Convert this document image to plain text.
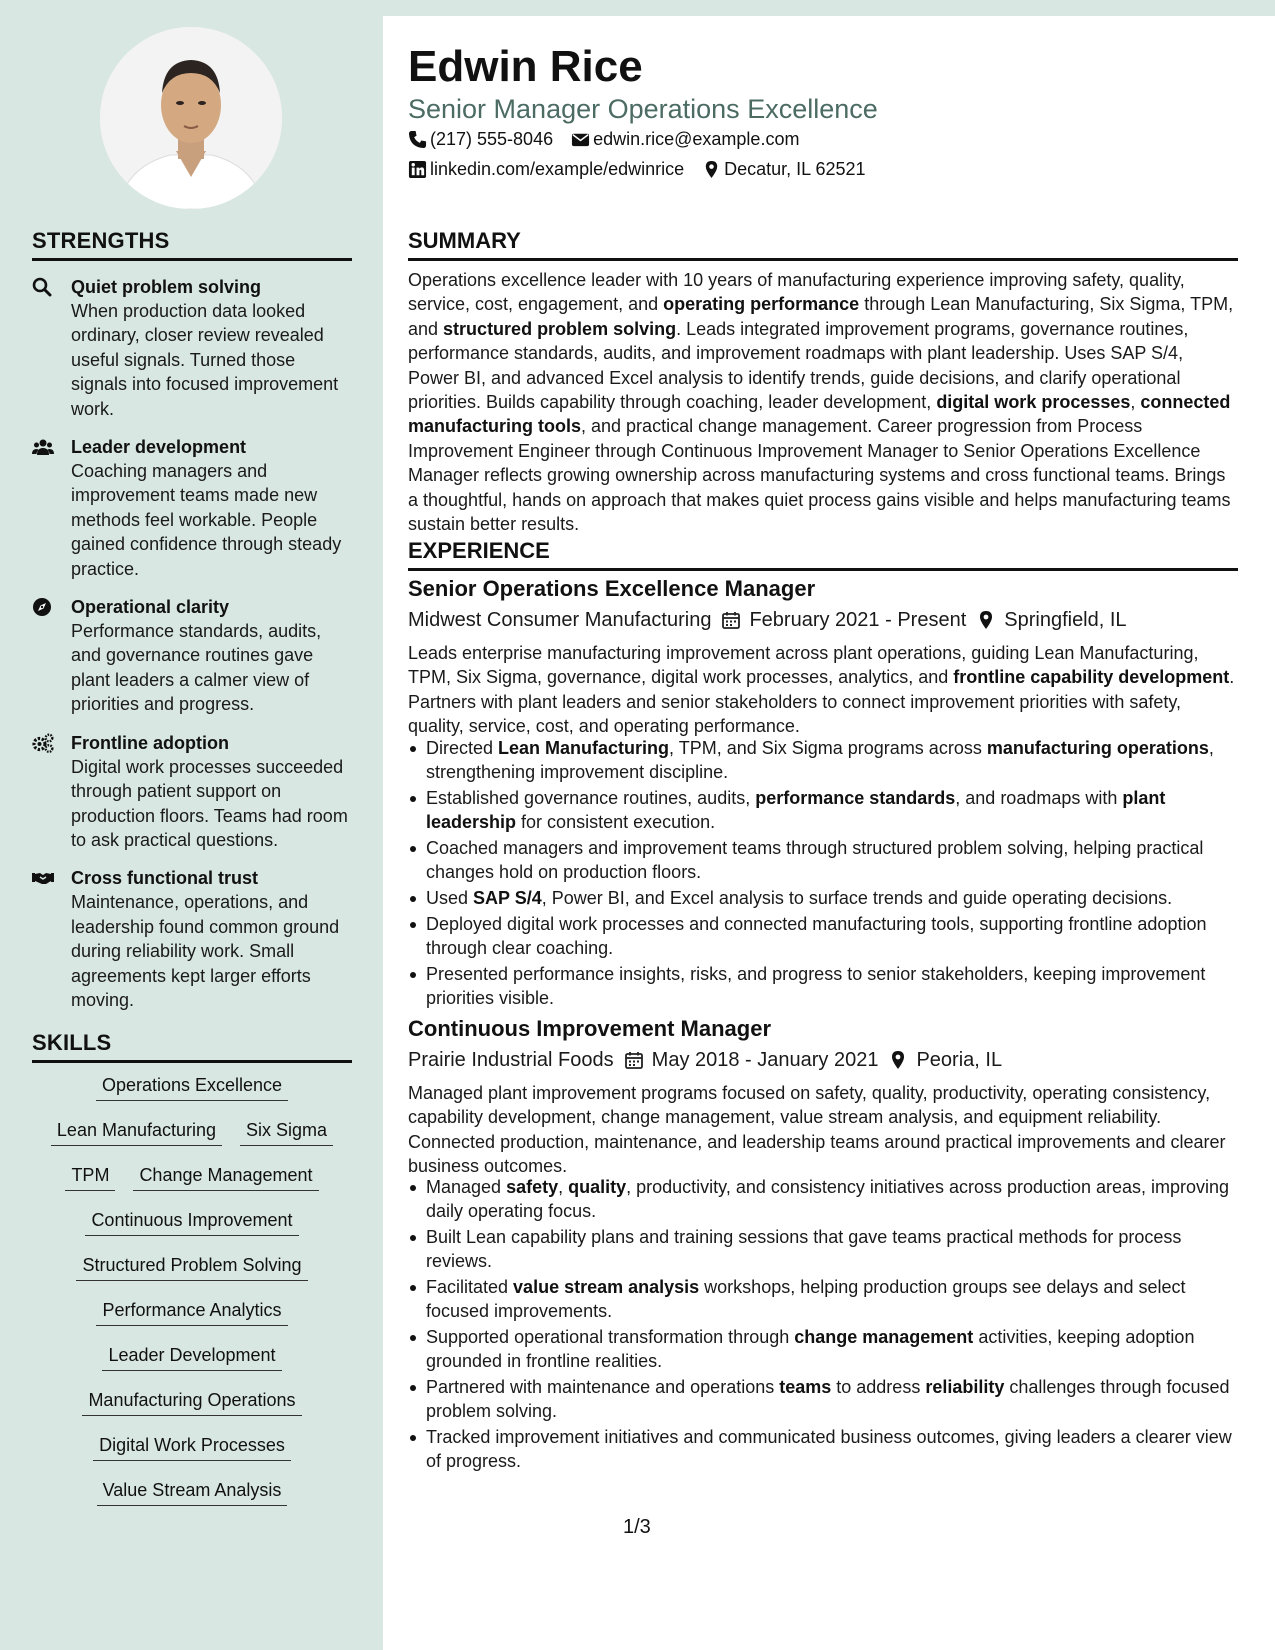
STRENGTHS
Quiet problem solving
When production data looked ordinary, closer review revealed useful signals. Turned those signals into focused improvement work.
Leader development
Coaching managers and improvement teams made new methods feel workable. People gained confidence through steady practice.
Operational clarity
Performance standards, audits, and governance routines gave plant leaders a calmer view of priorities and progress.
Frontline adoption
Digital work processes succeeded through patient support on production floors. Teams had room to ask practical questions.
Cross functional trust
Maintenance, operations, and leadership found common ground during reliability work. Small agreements kept larger efforts moving.
SKILLS
Operations Excellence
Lean Manufacturing	Six Sigma
TPM	Change Management
Continuous Improvement
Structured Problem Solving
Performance Analytics
Leader Development
Manufacturing Operations
Digital Work Processes
Value Stream Analysis
Edwin Rice
Senior Manager Operations Excellence
(217) 555-8046 edwin.rice@example.com
linkedin.com/example/edwinrice Decatur, IL 62521
SUMMARY
Operations excellence leader with 10 years of manufacturing experience improving safety, quality, service, cost, engagement, and operating performance through Lean Manufacturing, Six Sigma, TPM, and structured problem solving. Leads integrated improvement programs, governance routines, performance standards, audits, and improvement roadmaps with plant leadership. Uses SAP S/4, Power BI, and advanced Excel analysis to identify trends, guide decisions, and clarify operational priorities. Builds capability through coaching, leader development, digital work processes, connected manufacturing tools, and practical change management. Career progression from Process Improvement Engineer through Continuous Improvement Manager to Senior Operations Excellence Manager reflects growing ownership across manufacturing systems and cross functional teams. Brings a thoughtful, hands on approach that makes quiet process gains visible and helps manufacturing teams sustain better results.
EXPERIENCE
Senior Operations Excellence Manager
Midwest Consumer Manufacturing February 2021 - Present Springfield, IL
Leads enterprise manufacturing improvement across plant operations, guiding Lean Manufacturing, TPM, Six Sigma, governance, digital work processes, analytics, and frontline capability development. Partners with plant leaders and senior stakeholders to connect improvement priorities with safety, quality, service, cost, and operating performance.
Directed Lean Manufacturing, TPM, and Six Sigma programs across manufacturing operations, strengthening improvement discipline.
Established governance routines, audits, performance standards, and roadmaps with plant leadership for consistent execution.
Coached managers and improvement teams through structured problem solving, helping practical changes hold on production floors.
Used SAP S/4, Power BI, and Excel analysis to surface trends and guide operating decisions.
Deployed digital work processes and connected manufacturing tools, supporting frontline adoption through clear coaching.
Presented performance insights, risks, and progress to senior stakeholders, keeping improvement priorities visible.
Continuous Improvement Manager
Prairie Industrial Foods May 2018 - January 2021 Peoria, IL
Managed plant improvement programs focused on safety, quality, productivity, operating consistency, capability development, change management, value stream analysis, and equipment reliability. Connected production, maintenance, and leadership teams around practical improvements and clearer business outcomes.
Managed safety, quality, productivity, and consistency initiatives across production areas, improving daily operating focus.
Built Lean capability plans and training sessions that gave teams practical methods for process reviews.
Facilitated value stream analysis workshops, helping production groups see delays and select focused improvements.
Supported operational transformation through change management activities, keeping adoption grounded in frontline realities.
Partnered with maintenance and operations teams to address reliability challenges through focused problem solving.
Tracked improvement initiatives and communicated business outcomes, giving leaders a clearer view of progress.
1/3
